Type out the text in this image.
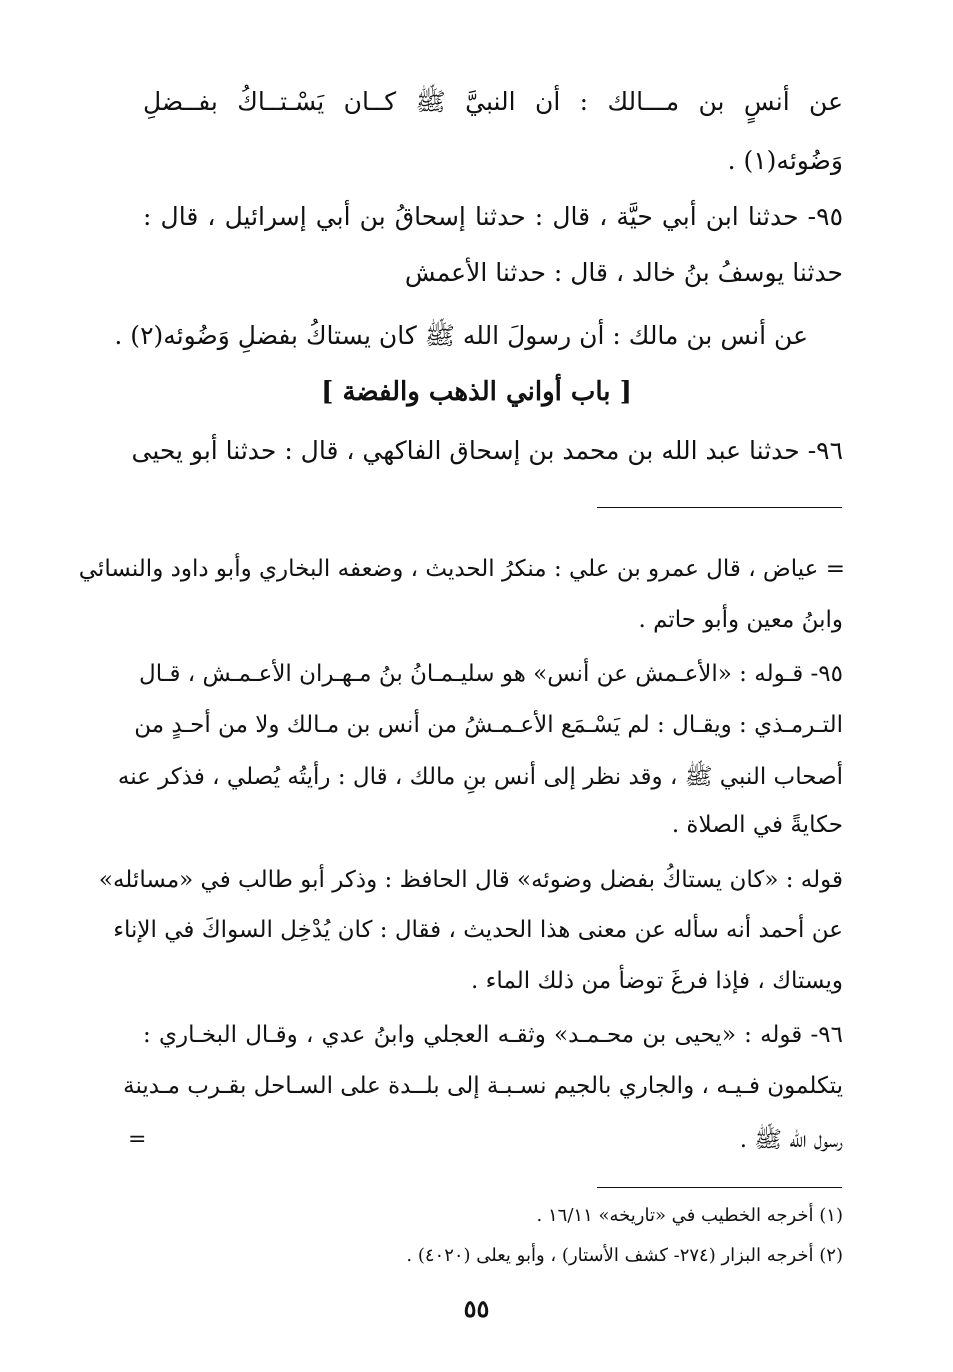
عن أنسٍ بن مـــالك : أن النبيَّ ﷺ كــان يَسْـتــاكُ بفــضلِ
وَضُوئه(١) .
٩٥- حدثنا ابن أبي حيَّة ، قال : حدثنا إسحاقُ بن أبي إسرائيل ، قال :
حدثنا يوسفُ بنُ خالد ، قال : حدثنا الأعمش
عن أنس بن مالك : أن رسولَ الله ﷺ كان يستاكُ بفضلِ وَضُوئه(٢) .
[ باب أواني الذهب والفضة ]
٩٦- حدثنا عبد الله بن محمد بن إسحاق الفاكهي ، قال : حدثنا أبو يحيى
= عياض ، قال عمرو بن علي : منكرُ الحديث ، وضعفه البخاري وأبو داود والنسائي
وابنُ معين وأبو حاتم .
٩٥- قـوله : «الأعـمش عن أنس» هو سليـمـانُ بنُ مـهـران الأعـمـش ، قـال
التـرمـذي : ويقـال : لم يَسْـمَع الأعـمـشُ من أنس بن مـالك ولا من أحـدٍ من
أصحاب النبي ﷺ ، وقد نظر إلى أنس بنِ مالك ، قال : رأيتُه يُصلي ، فذكر عنه
حكايةً في الصلاة .
قوله : «كان يستاكُ بفضل وضوئه» قال الحافظ : وذكر أبو طالب في «مسائله»
عن أحمد أنه سأله عن معنى هذا الحديث ، فقال : كان يُدْخِل السواكَ في الإناء
ويستاك ، فإذا فرغَ توضأ من ذلك الماء .
٩٦- قوله : «يحيى بن محـمـد» وثقـه العجلي وابنُ عدي ، وقـال البخـاري :
يتكلمون فـيـه ، والجاري بالجيم نسـبـة إلى بلــدة على السـاحل بقـرب مـدينة
رسول الله ﷺ .
=
(١) أخرجه الخطيب في «تاريخه» ١٦/١١ .
(٢) أخرجه البزار (٢٧٤- كشف الأستار) ، وأبو يعلى (٤٠٢٠) .
٥٥
